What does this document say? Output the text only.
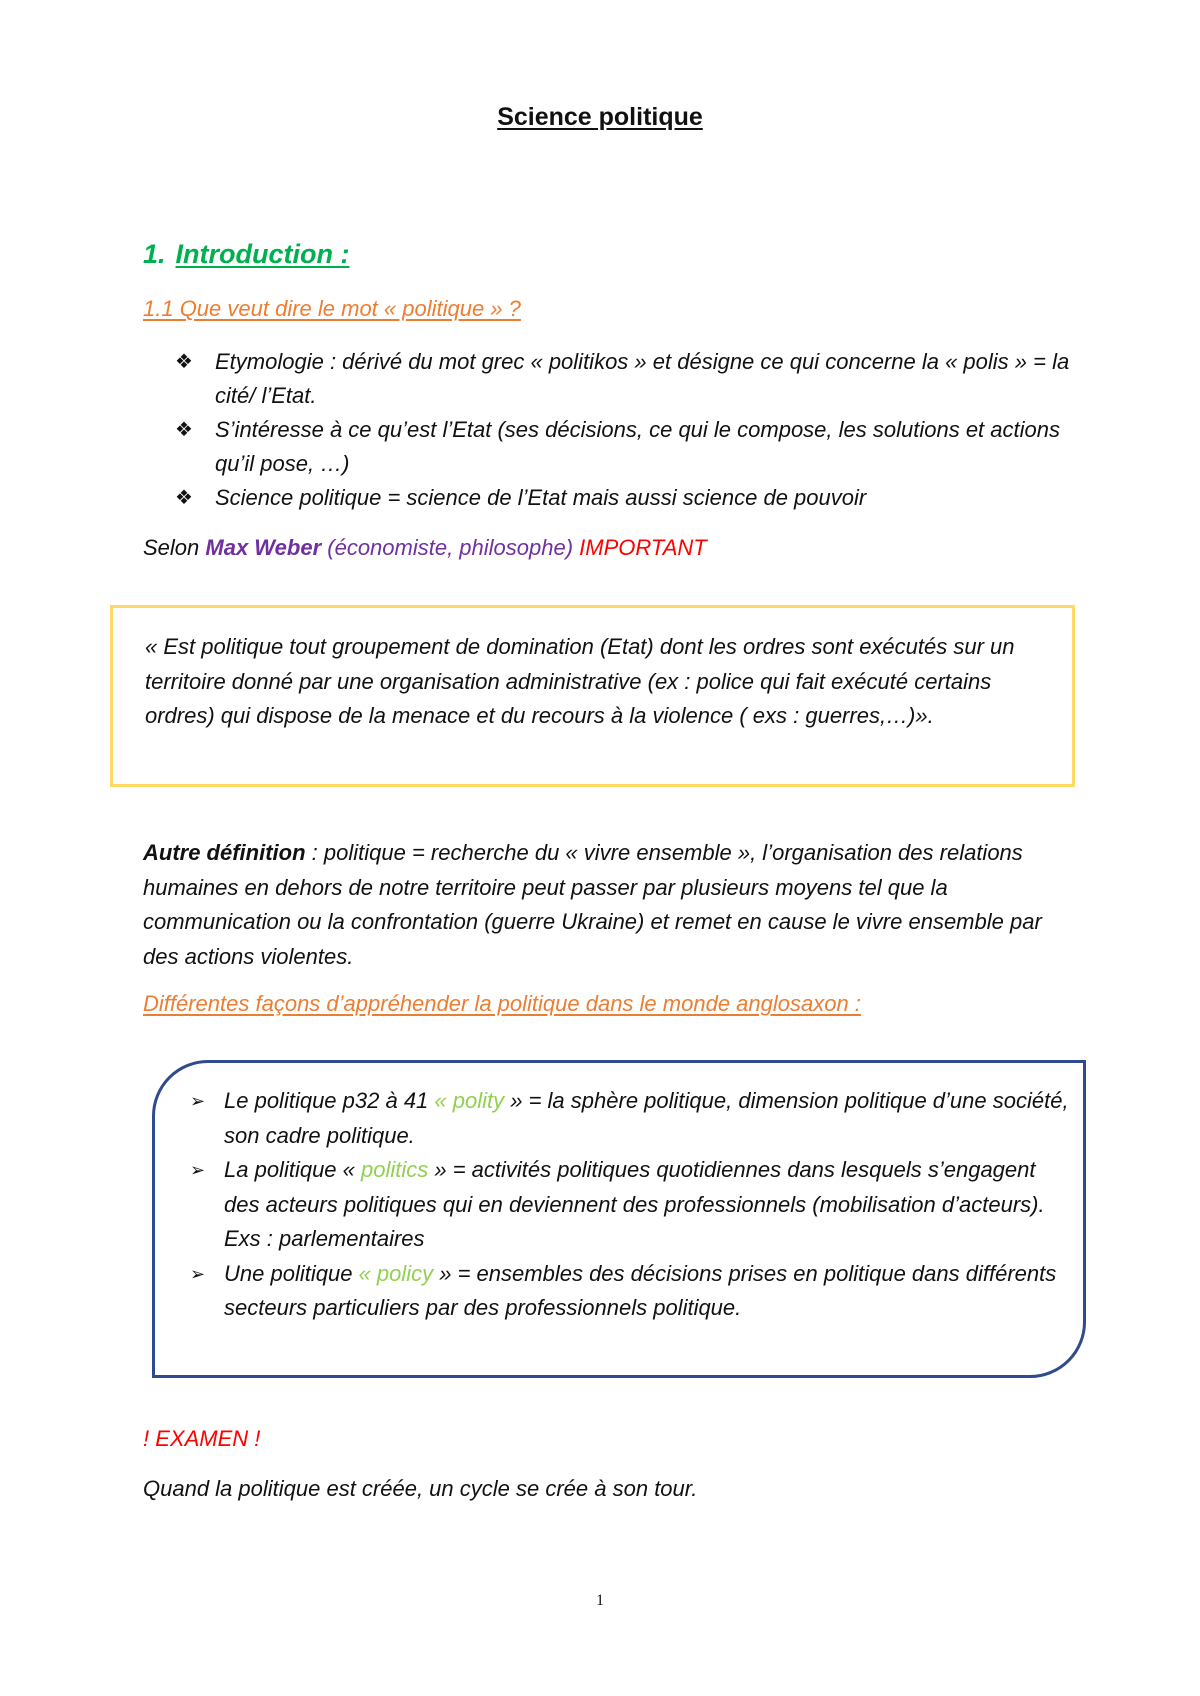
Science politique
1. Introduction :
1.1 Que veut dire le mot « politique » ?
❖ Etymologie : dérivé du mot grec « politikos » et désigne ce qui concerne la « polis » = la cité/ l’Etat.
❖ S’intéresse à ce qu’est l’Etat (ses décisions, ce qui le compose, les solutions et actions qu’il pose, …)
❖ Science politique = science de l’Etat mais aussi science de pouvoir
Selon Max Weber (économiste, philosophe) IMPORTANT
« Est politique tout groupement de domination (Etat) dont les ordres sont exécutés sur un territoire donné par une organisation administrative (ex : police qui fait exécuté certains ordres) qui dispose de la menace et du recours à la violence ( exs : guerres,…)».
Autre définition : politique = recherche du « vivre ensemble », l’organisation des relations humaines en dehors de notre territoire peut passer par plusieurs moyens tel que la communication ou la confrontation (guerre Ukraine) et remet en cause le vivre ensemble par des actions violentes.
Différentes façons d’appréhender la politique dans le monde anglosaxon :
➢ Le politique p32 à 41 « polity » = la sphère politique, dimension politique d’une société, son cadre politique.
➢ La politique « politics » = activités politiques quotidiennes dans lesquels s’engagent des acteurs politiques qui en deviennent des professionnels (mobilisation d’acteurs). Exs : parlementaires
➢ Une politique « policy » = ensembles des décisions prises en politique dans différents secteurs particuliers par des professionnels politique.
! EXAMEN !
Quand la politique est créée, un cycle se crée à son tour.
1
